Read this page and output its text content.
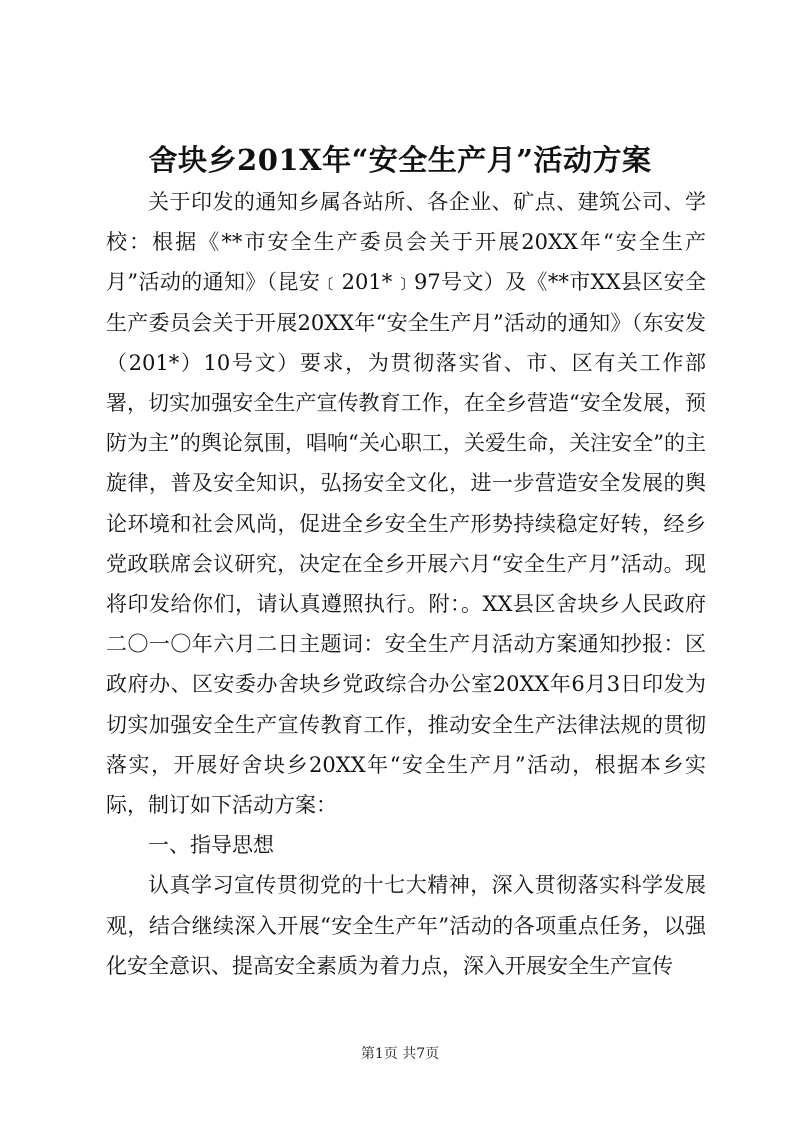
舍块乡201X年“安全生产月”活动方案

关于印发的通知乡属各站所、各企业、矿点、建筑公司、学校：根据《**市安全生产委员会关于开展20XX年“安全生产月”活动的通知》（昆安﹝201*﹞97号文）及《**市XX县区安全生产委员会关于开展20XX年“安全生产月”活动的通知》（东安发（201*）10号文）要求，为贯彻落实省、市、区有关工作部署，切实加强安全生产宣传教育工作，在全乡营造“安全发展，预防为主”的舆论氛围，唱响“关心职工，关爱生命，关注安全”的主旋律，普及安全知识，弘扬安全文化，进一步营造安全发展的舆论环境和社会风尚，促进全乡安全生产形势持续稳定好转，经乡党政联席会议研究，决定在全乡开展六月“安全生产月”活动。现将印发给你们，请认真遵照执行。附：。XX县区舍块乡人民政府二〇一〇年六月二日主题词：安全生产月活动方案通知抄报：区政府办、区安委办舍块乡党政综合办公室20XX年6月3日印发为切实加强安全生产宣传教育工作，推动安全生产法律法规的贯彻落实，开展好舍块乡20XX年“安全生产月”活动，根据本乡实际，制订如下活动方案：

一、指导思想

认真学习宣传贯彻党的十七大精神，深入贯彻落实科学发展观，结合继续深入开展“安全生产年”活动的各项重点任务，以强化安全意识、提高安全素质为着力点，深入开展安全生产宣传

第1页 共7页
